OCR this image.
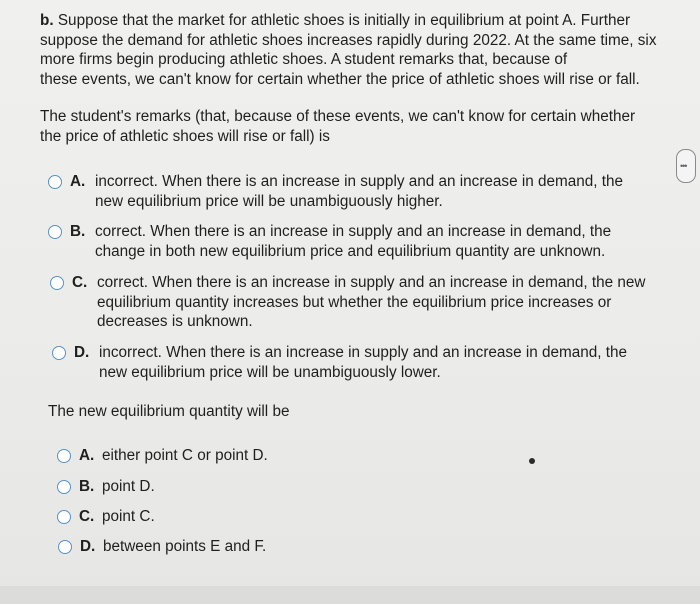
b. Suppose that the market for athletic shoes is initially in equilibrium at point A. Further
suppose the demand for athletic shoes increases rapidly during 2022. At the same time, six
more firms begin producing athletic shoes. A student remarks that, because of
these events, we can't know for certain whether the price of athletic shoes will rise or fall.
The student's remarks (that, because of these events, we can't know for certain whether
the price of athletic shoes will rise or fall) is
A. incorrect. When there is an increase in supply and an increase in demand, the
new equilibrium price will be unambiguously higher.
B. correct. When there is an increase in supply and an increase in demand, the
change in both new equilibrium price and equilibrium quantity are unknown.
C. correct. When there is an increase in supply and an increase in demand, the new
equilibrium quantity increases but whether the equilibrium price increases or
decreases is unknown.
D. incorrect. When there is an increase in supply and an increase in demand, the
new equilibrium price will be unambiguously lower.
The new equilibrium quantity will be
A. either point C or point D.
B. point D.
C. point C.
D. between points E and F.
•••
